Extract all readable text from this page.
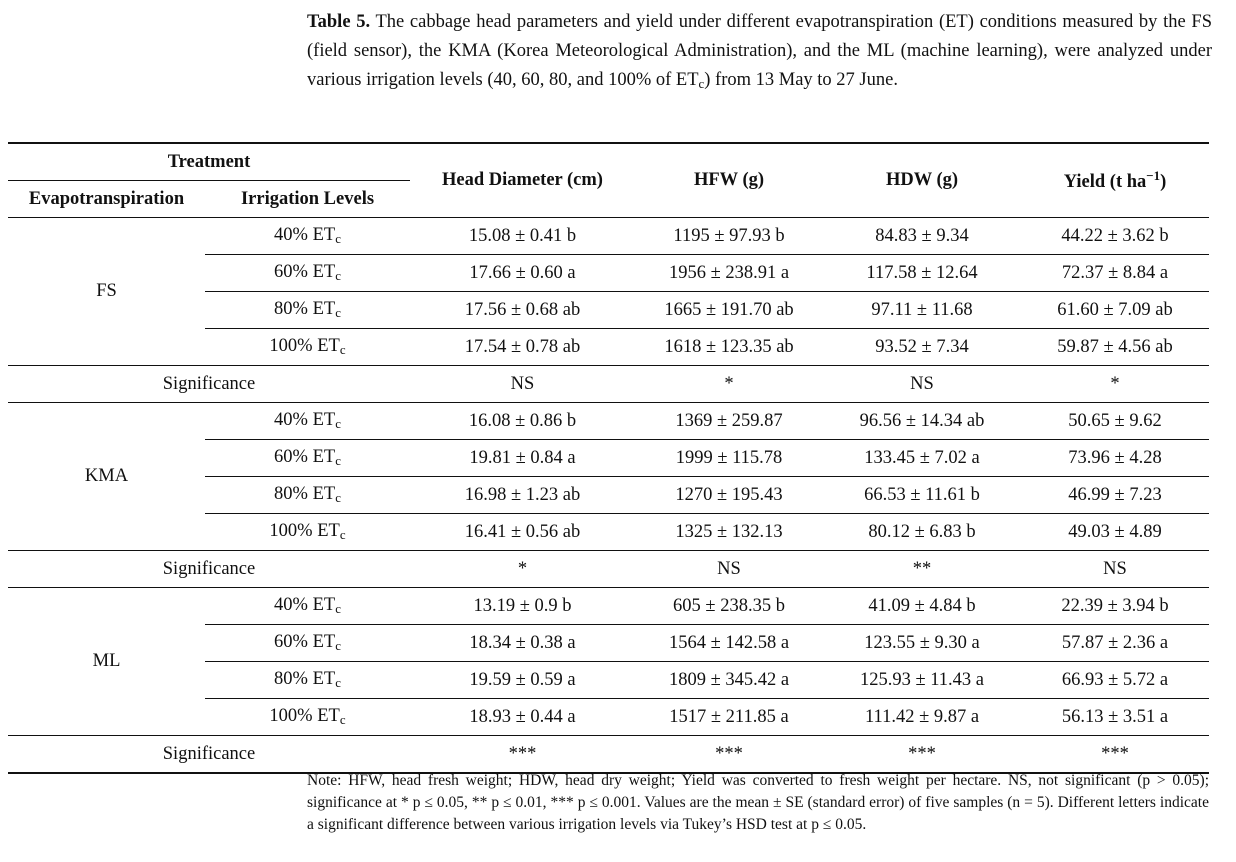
Table 5. The cabbage head parameters and yield under different evapotranspiration (ET) conditions measured by the FS (field sensor), the KMA (Korea Meteorological Administration), and the ML (machine learning), were analyzed under various irrigation levels (40, 60, 80, and 100% of $ET_c$) from 13 May to 27 June.
Treatment		Head Diameter (cm)	HFW (g)	HDW (g)	Yield (t $ha^{-1}$)
Evapotranspiration	Irrigation Levels				
FS	40% $ET_c$	15.08 ± 0.41 b	1195 ± 97.93 b	84.83 ± 9.34	44.22 ± 3.62 b
	60% $ET_c$	17.66 ± 0.60 a	1956 ± 238.91 a	117.58 ± 12.64	72.37 ± 8.84 a
	80% $ET_c$	17.56 ± 0.68 ab	1665 ± 191.70 ab	97.11 ± 11.68	61.60 ± 7.09 ab
	100% $ET_c$	17.54 ± 0.78 ab	1618 ± 123.35 ab	93.52 ± 7.34	59.87 ± 4.56 ab
Significance		NS	*	NS	*
KMA	40% $ET_c$	16.08 ± 0.86 b	1369 ± 259.87	96.56 ± 14.34 ab	50.65 ± 9.62
	60% $ET_c$	19.81 ± 0.84 a	1999 ± 115.78	133.45 ± 7.02 a	73.96 ± 4.28
	80% $ET_c$	16.98 ± 1.23 ab	1270 ± 195.43	66.53 ± 11.61 b	46.99 ± 7.23
	100% $ET_c$	16.41 ± 0.56 ab	1325 ± 132.13	80.12 ± 6.83 b	49.03 ± 4.89
Significance		*	NS	**	NS
ML	40% $ET_c$	13.19 ± 0.9 b	605 ± 238.35 b	41.09 ± 4.84 b	22.39 ± 3.94 b
	60% $ET_c$	18.34 ± 0.38 a	1564 ± 142.58 a	123.55 ± 9.30 a	57.87 ± 2.36 a
	80% $ET_c$	19.59 ± 0.59 a	1809 ± 345.42 a	125.93 ± 11.43 a	66.93 ± 5.72 a
	100% $ET_c$	18.93 ± 0.44 a	1517 ± 211.85 a	111.42 ± 9.87 a	56.13 ± 3.51 a
Significance		***	***	***	***
Note: HFW, head fresh weight; HDW, head dry weight; Yield was converted to fresh weight per hectare. NS, not significant (p > 0.05); significance at * p ≤ 0.05, ** p ≤ 0.01, *** p ≤ 0.001. Values are the mean ± SE (standard error) of five samples (n = 5). Different letters indicate a significant difference between various irrigation levels via Tukey’s HSD test at p ≤ 0.05.
